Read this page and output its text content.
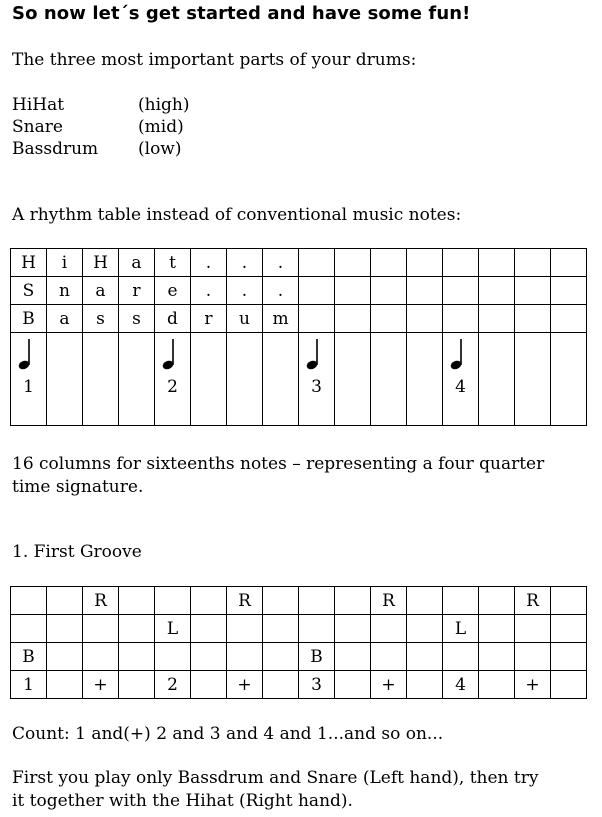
So now let´s get started and have some fun!
The three most important parts of your drums:
HiHat	(high)
Snare	(mid)
Bassdrum	(low)
A rhythm table instead of conventional music notes:
H	i	H	a	t	.	.	.								
S	n	a	r	e	.	.	.								
B	a	s	s	d	r	u	m								

1				2				3				4			

16 columns for sixteenths notes – representing a four quarter
time signature.
1. First Groove
		R				R				R				R	
				L								L			
B								B							
1		+		2		+		3		+		4		+	
Count: 1 and(+) 2 and 3 and 4 and 1...and so on...
First you play only Bassdrum and Snare (Left hand), then try
it together with the Hihat (Right hand).
